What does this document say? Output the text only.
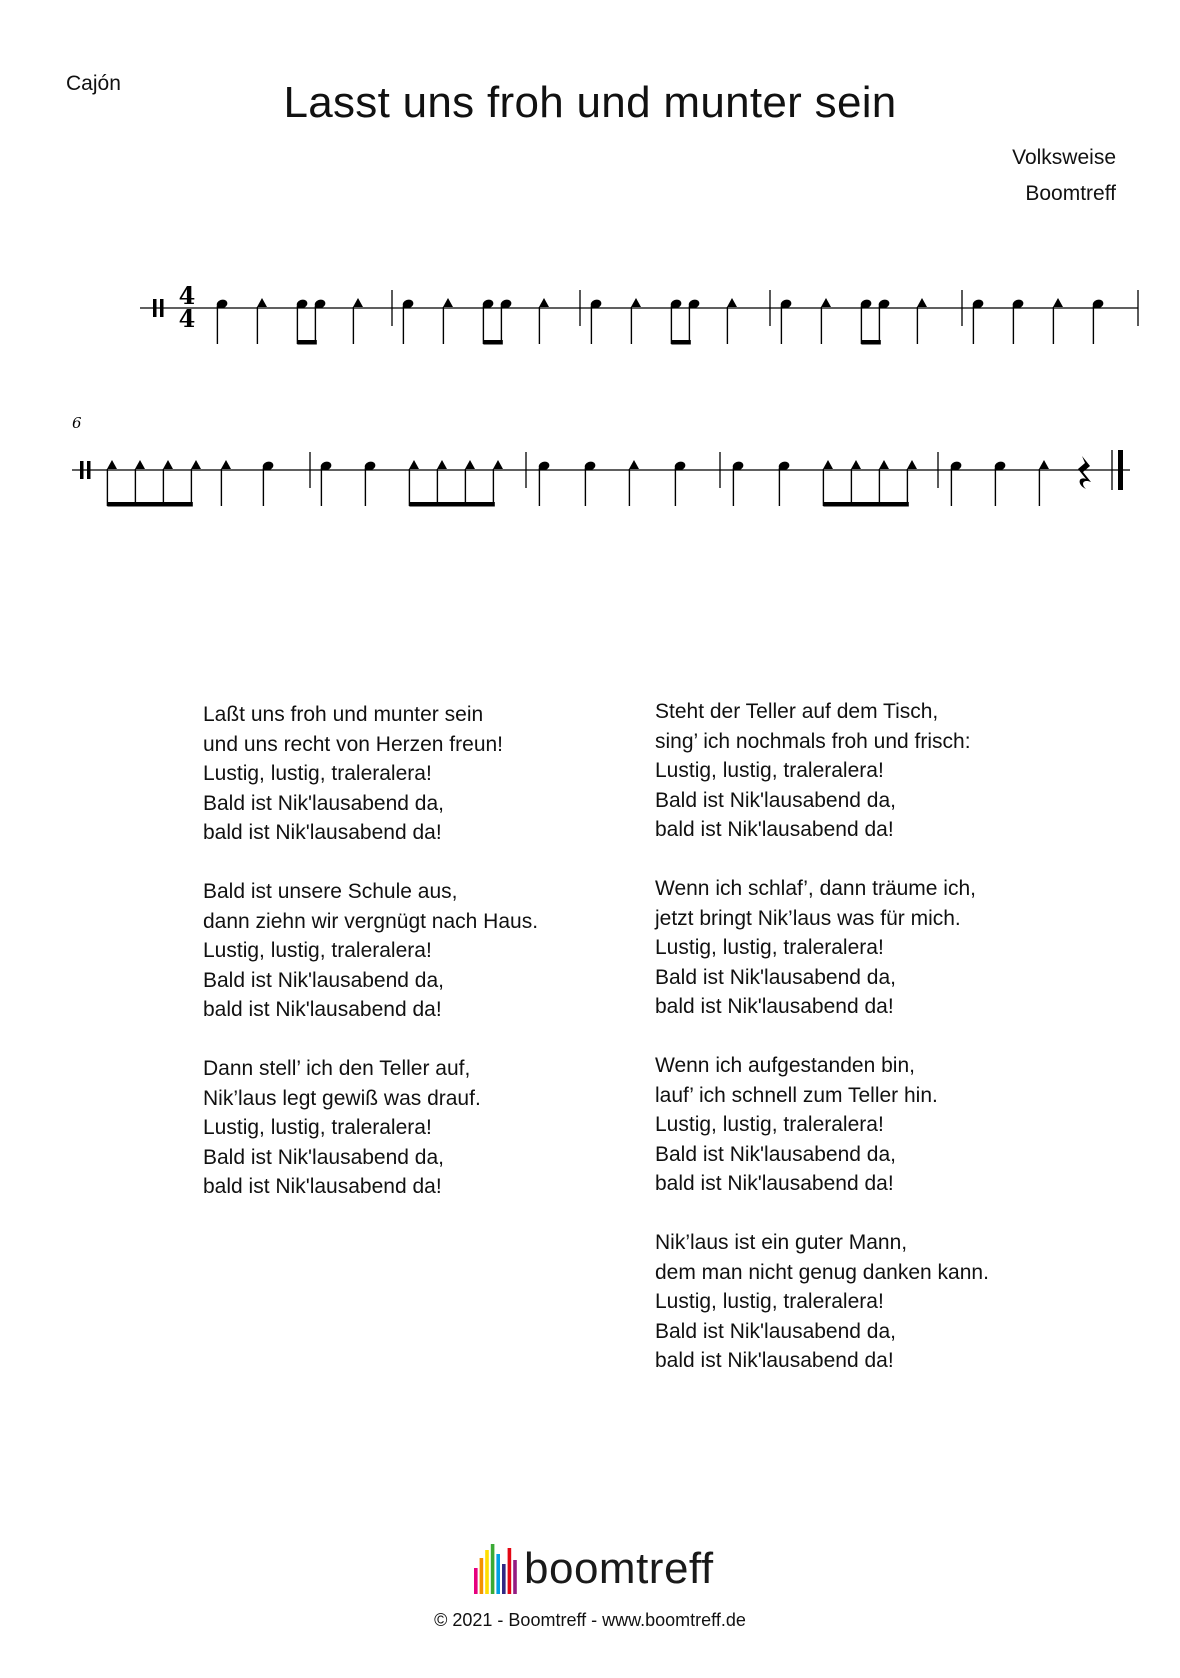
Cajón	Lasst uns froh und munter sein
Volksweise
Boomtreff
4
4
6
Laßt uns froh und munter sein
und uns recht von Herzen freun!
Lustig, lustig, traleralera!
Bald ist Nik'lausabend da,
bald ist Nik'lausabend da!
Bald ist unsere Schule aus,
dann ziehn wir vergnügt nach Haus.
Lustig, lustig, traleralera!
Bald ist Nik'lausabend da,
bald ist Nik'lausabend da!
Dann stell’ ich den Teller auf,
Nik’laus legt gewiß was drauf.
Lustig, lustig, traleralera!
Bald ist Nik'lausabend da,
bald ist Nik'lausabend da!
Steht der Teller auf dem Tisch,
sing’ ich nochmals froh und frisch:
Lustig, lustig, traleralera!
Bald ist Nik'lausabend da,
bald ist Nik'lausabend da!
Wenn ich schlaf’, dann träume ich,
jetzt bringt Nik’laus was für mich.
Lustig, lustig, traleralera!
Bald ist Nik'lausabend da,
bald ist Nik'lausabend da!
Wenn ich aufgestanden bin,
lauf’ ich schnell zum Teller hin.
Lustig, lustig, traleralera!
Bald ist Nik'lausabend da,
bald ist Nik'lausabend da!
Nik’laus ist ein guter Mann,
dem man nicht genug danken kann.
Lustig, lustig, traleralera!
Bald ist Nik'lausabend da,
bald ist Nik'lausabend da!
boomtreff
© 2021 - Boomtreff - www.boomtreff.de
